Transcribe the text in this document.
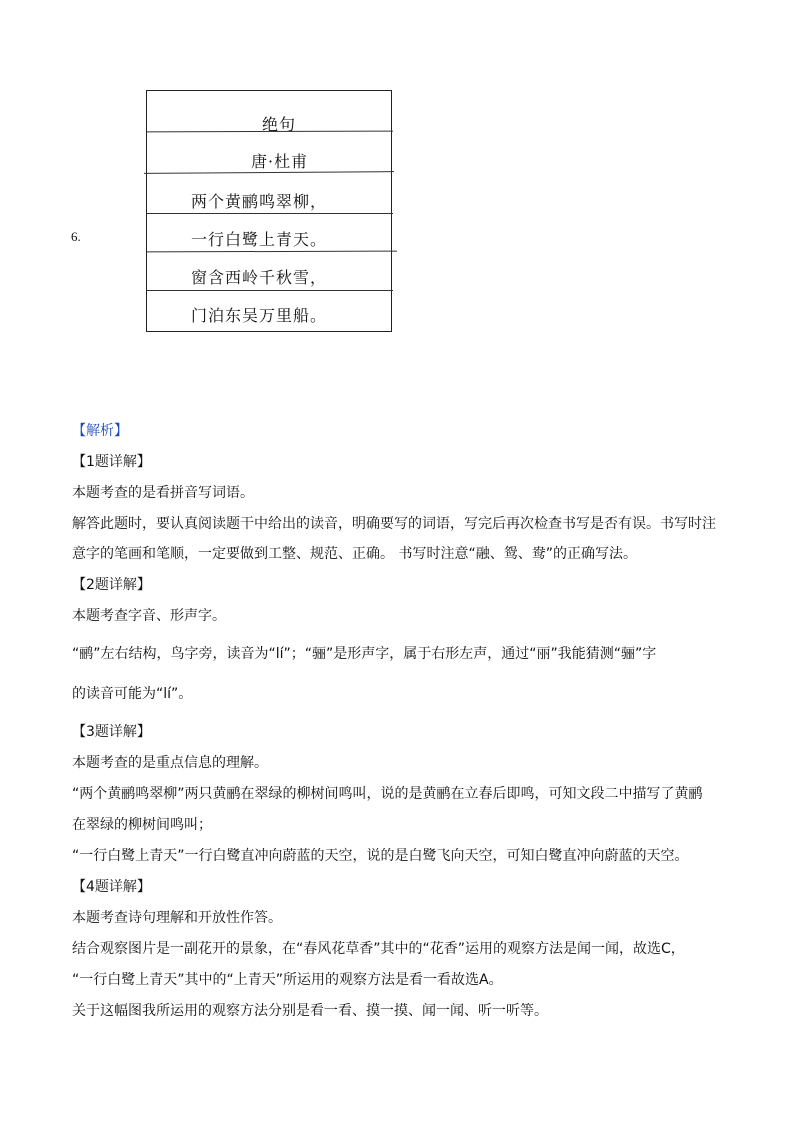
6.
绝句
唐·杜甫
两个黄鹂鸣翠柳，
一行白鹭上青天。
窗含西岭千秋雪，
门泊东吴万里船。
【解析】
【1题详解】
本题考查的是看拼音写词语。
解答此题时，要认真阅读题干中给出的读音，明确要写的词语，写完后再次检查书写是否有误。书写时注
意字的笔画和笔顺，一定要做到工整、规范、正确。 书写时注意“融、鸳、鸯”的正确写法。
【2题详解】
本题考查字音、形声字。
“鹂”左右结构，鸟字旁，读音为“lí”；“骊”是形声字，属于右形左声，通过“丽”我能猜测“骊”字
的读音可能为“lí”。
【3题详解】
本题考查的是重点信息的理解。
“两个黄鹂鸣翠柳”两只黄鹂在翠绿的柳树间鸣叫，说的是黄鹂在立春后即鸣，可知文段二中描写了黄鹂
在翠绿的柳树间鸣叫；
“一行白鹭上青天”一行白鹭直冲向蔚蓝的天空，说的是白鹭飞向天空，可知白鹭直冲向蔚蓝的天空。
【4题详解】
本题考查诗句理解和开放性作答。
结合观察图片是一副花开的景象，在“春风花草香”其中的“花香”运用的观察方法是闻一闻，故选C，
“一行白鹭上青天”其中的“上青天”所运用的观察方法是看一看故选A。
关于这幅图我所运用的观察方法分别是看一看、摸一摸、闻一闻、听一听等。
